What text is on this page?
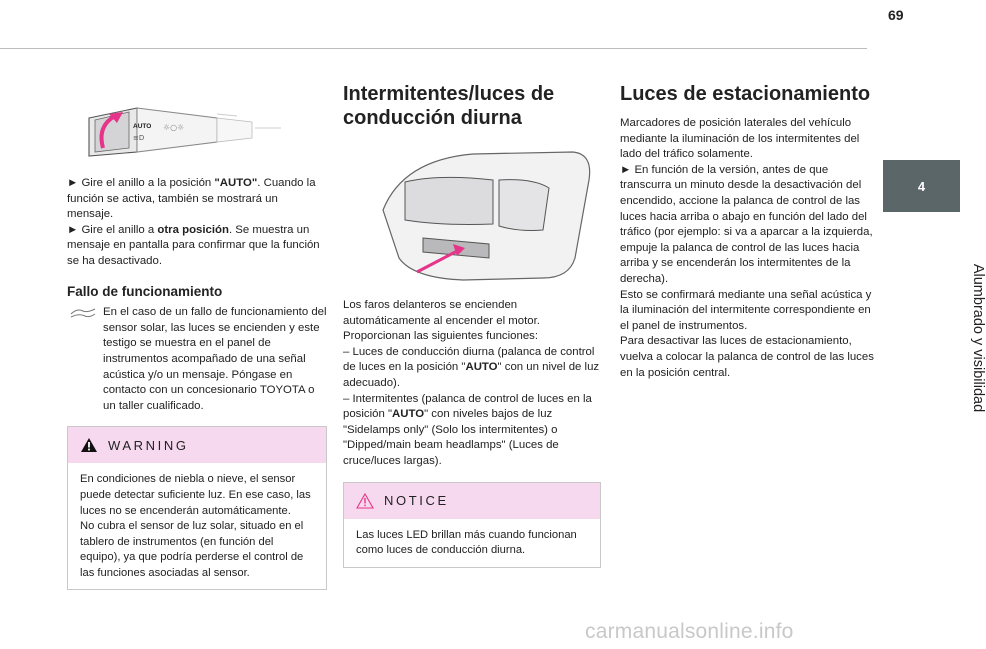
69
4
Alumbrado y visibilidad
AUTO
≡D
☼○☼

► Gire el anillo a la posición "AUTO". Cuando la función se activa, también se mostrará un mensaje.

► Gire el anillo a otra posición. Se muestra un mensaje en pantalla para confirmar que la función se ha desactivado.

Fallo de funcionamiento

En el caso de un fallo de funcionamiento del sensor solar, las luces se encienden y este testigo se muestra en el panel de instrumentos acompañado de una señal acústica y/o un mensaje. Póngase en contacto con un concesionario TOYOTA o un taller cualificado.

WARNING

En condiciones de niebla o nieve, el sensor puede detectar suficiente luz. En ese caso, las luces no se encenderán automáticamente.

No cubra el sensor de luz solar, situado en el tablero de instrumentos (en función del equipo), ya que podría perderse el control de las funciones asociadas al sensor.

Intermitentes/luces de conducción diurna

Los faros delanteros se encienden automáticamente al encender el motor.

Proporcionan las siguientes funciones:

– Luces de conducción diurna (palanca de control de luces en la posición "AUTO" con un nivel de luz adecuado).

– Intermitentes (palanca de control de luces en la posición "AUTO" con niveles bajos de luz "Sidelamps only" (Solo los intermitentes) o "Dipped/main beam headlamps" (Luces de cruce/luces largas).

NOTICE

Las luces LED brillan más cuando funcionan como luces de conducción diurna.

Luces de estacionamiento

Marcadores de posición laterales del vehículo mediante la iluminación de los intermitentes del lado del tráfico solamente.

► En función de la versión, antes de que transcurra un minuto desde la desactivación del encendido, accione la palanca de control de las luces hacia arriba o abajo en función del lado del tráfico (por ejemplo: si va a aparcar a la izquierda, empuje la palanca de control de las luces hacia arriba y se encenderán los intermitentes de la derecha).

Esto se confirmará mediante una señal acústica y la iluminación del intermitente correspondiente en el panel de instrumentos.

Para desactivar las luces de estacionamiento, vuelva a colocar la palanca de control de las luces en la posición central.

carmanualsonline.info
